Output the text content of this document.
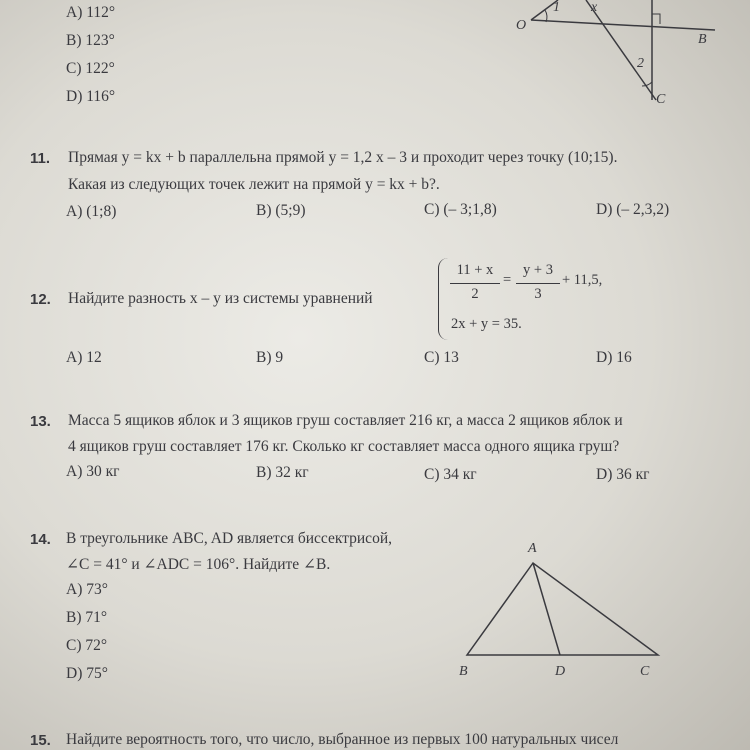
A) 112°
B) 123°
C) 122°
D) 116°
O
1 x
B
2
C
11. Прямая y = kx + b параллельна прямой y = 1,2 x – 3 и проходит через точку (10;15).
Какая из следующих точек лежит на прямой y = kx + b?.
A) (1;8)	B) (5;9)	C) (– 3;1,8)	D) (– 2,3,2)
12. Найдите разность x – y из системы уравнений
11 + x
2
=
y + 3
3
+ 11,5,
2x + y = 35.
A) 12	B) 9	C) 13	D) 16
13. Масса 5 ящиков яблок и 3 ящиков груш составляет 216 кг, а масса 2 ящиков яблок и
4 ящиков груш составляет 176 кг. Сколько кг составляет масса одного ящика груш?
A) 30 кг	B) 32 кг	C) 34 кг	D) 36 кг
14. В треугольнике ABC, AD является биссектрисой,
∠C = 41° и ∠ADC = 106°. Найдите ∠B.
A) 73°
B) 71°
C) 72°
D) 75°
A
B	D	C
15. Найдите вероятность того, что число, выбранное из первых 100 натуральных чисел
